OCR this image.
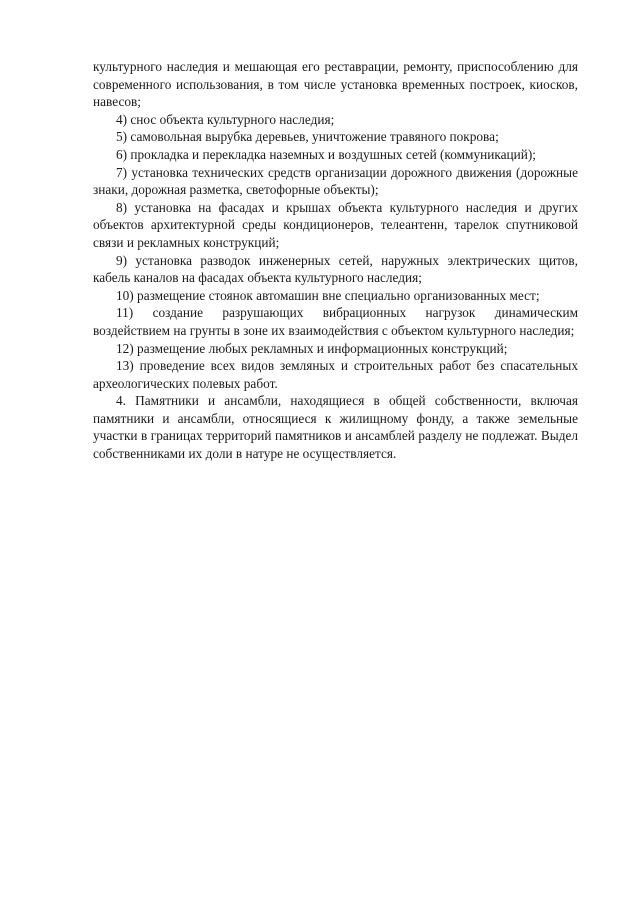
культурного наследия и мешающая его реставрации, ремонту, приспособлению для современного использования, в том числе установка временных построек, киосков, навесов;

4) снос объекта культурного наследия;

5) самовольная вырубка деревьев, уничтожение травяного покрова;

6) прокладка и перекладка наземных и воздушных сетей (коммуникаций);

7) установка технических средств организации дорожного движения (дорожные знаки, дорожная разметка, светофорные объекты);

8) установка на фасадах и крышах объекта культурного наследия и других объектов архитектурной среды кондиционеров, телеантенн, тарелок спутниковой связи и рекламных конструкций;

9) установка разводок инженерных сетей, наружных электрических щитов, кабель каналов на фасадах объекта культурного наследия;

10) размещение стоянок автомашин вне специально организованных мест;

11) создание разрушающих вибрационных нагрузок динамическим воздействием на грунты в зоне их взаимодействия с объектом культурного наследия;

12) размещение любых рекламных и информационных конструкций;

13) проведение всех видов земляных и строительных работ без спасательных археологических полевых работ.

4. Памятники и ансамбли, находящиеся в общей собственности, включая памятники и ансамбли, относящиеся к жилищному фонду, а также земельные участки в границах территорий памятников и ансамблей разделу не подлежат. Выдел собственниками их доли в натуре не осуществляется.
